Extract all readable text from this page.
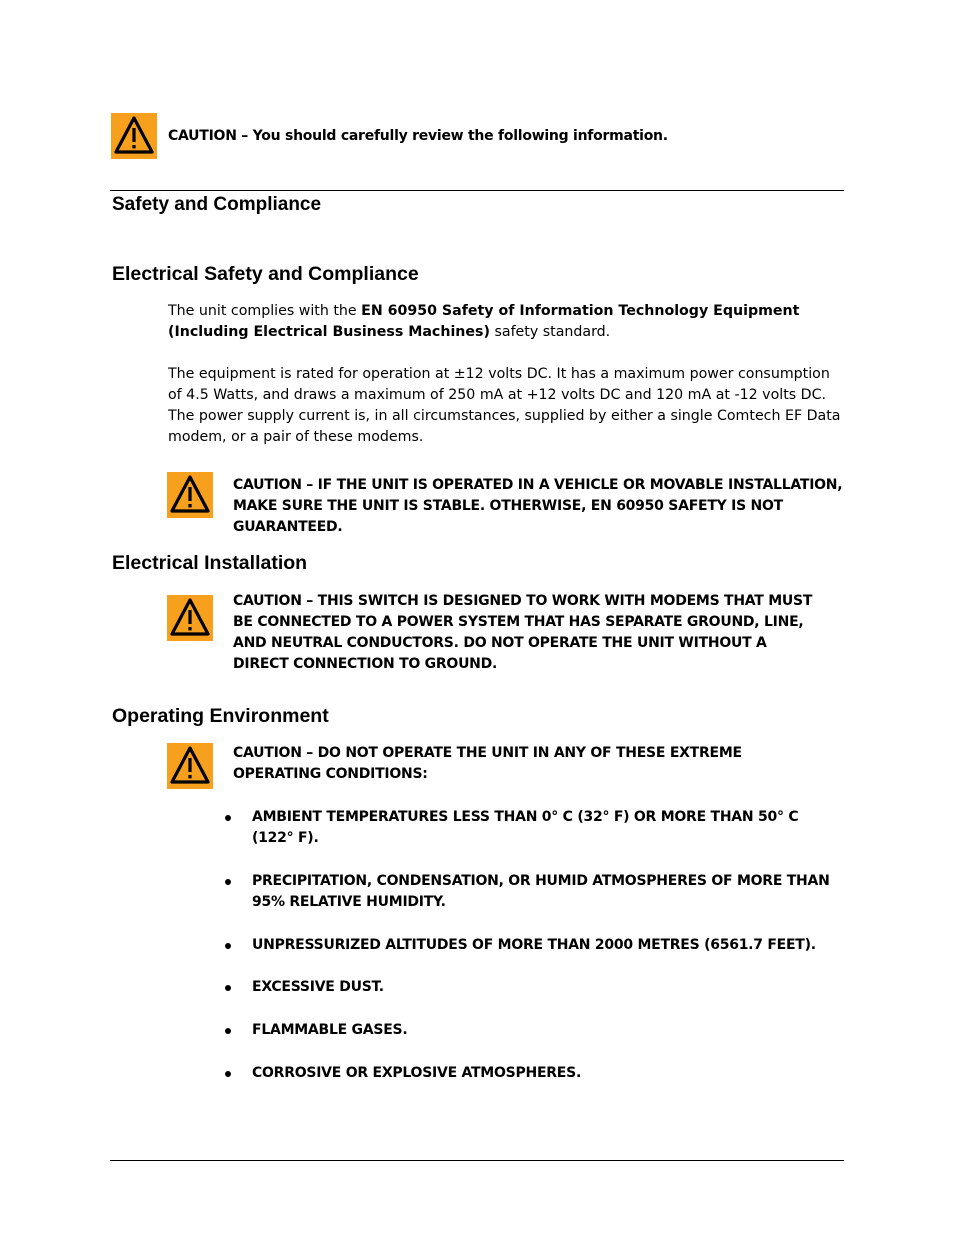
CAUTION – You should carefully review the following information.
Safety and Compliance
Electrical Safety and Compliance

The unit complies with the EN 60950 Safety of Information Technology Equipment (Including Electrical Business Machines) safety standard.

The equipment is rated for operation at ±12 volts DC. It has a maximum power consumption of 4.5 Watts, and draws a maximum of 250 mA at +12 volts DC and 120 mA at -12 volts DC. The power supply current is, in all circumstances, supplied by either a single Comtech EF Data modem, or a pair of these modems.

CAUTION – IF THE UNIT IS OPERATED IN A VEHICLE OR MOVABLE INSTALLATION, MAKE SURE THE UNIT IS STABLE. OTHERWISE, EN 60950 SAFETY IS NOT GUARANTEED.
Electrical Installation
CAUTION – THIS SWITCH IS DESIGNED TO WORK WITH MODEMS THAT MUST BE CONNECTED TO A POWER SYSTEM THAT HAS SEPARATE GROUND, LINE, AND NEUTRAL CONDUCTORS. DO NOT OPERATE THE UNIT WITHOUT A DIRECT CONNECTION TO GROUND.
Operating Environment
CAUTION – DO NOT OPERATE THE UNIT IN ANY OF THESE EXTREME OPERATING CONDITIONS:
AMBIENT TEMPERATURES LESS THAN 0° C (32° F) OR MORE THAN 50° C (122° F).
PRECIPITATION, CONDENSATION, OR HUMID ATMOSPHERES OF MORE THAN 95% RELATIVE HUMIDITY.
UNPRESSURIZED ALTITUDES OF MORE THAN 2000 METRES (6561.7 FEET).
EXCESSIVE DUST.
FLAMMABLE GASES.
CORROSIVE OR EXPLOSIVE ATMOSPHERES.
